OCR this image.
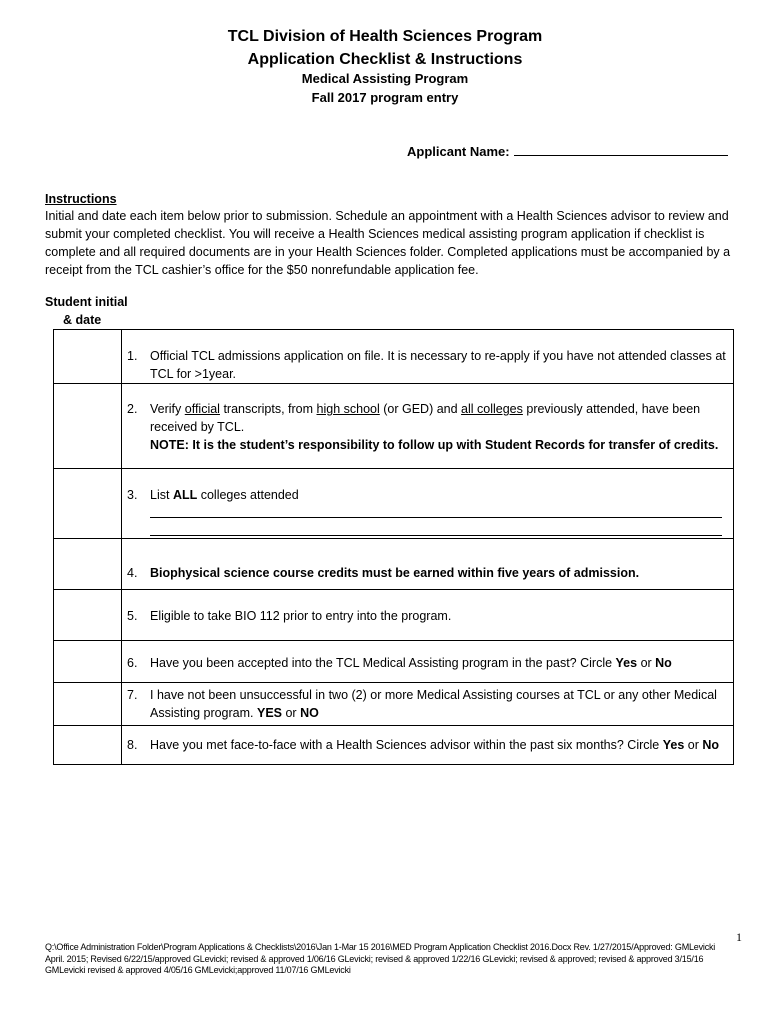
TCL Division of Health Sciences Program
Application Checklist & Instructions
Medical Assisting Program
Fall 2017 program entry
Applicant Name:
Instructions
Initial and date each item below prior to submission. Schedule an appointment with a Health Sciences advisor to review and submit your completed checklist. You will receive a Health Sciences medical assisting program application if checklist is complete and all required documents are in your Health Sciences folder. Completed applications must be accompanied by a receipt from the TCL cashier’s office for the $50 nonrefundable application fee.
Student initial
& date
1. Official TCL admissions application on file. It is necessary to re-apply if you have not attended classes at TCL for >1year.
2. Verify official transcripts, from high school (or GED) and all colleges previously attended, have been received by TCL.
NOTE: It is the student’s responsibility to follow up with Student Records for transfer of credits.
3. List ALL colleges attended
4. Biophysical science course credits must be earned within five years of admission.
5. Eligible to take BIO 112 prior to entry into the program.
6. Have you been accepted into the TCL Medical Assisting program in the past? Circle Yes or No
7. I have not been unsuccessful in two (2) or more Medical Assisting courses at TCL or any other Medical Assisting program. YES or NO
8. Have you met face-to-face with a Health Sciences advisor within the past six months? Circle Yes or No
1
Q:\Office Administration Folder\Program Applications & Checklists\2016\Jan 1-Mar 15 2016\MED Program Application Checklist 2016.Docx Rev. 1/27/2015/Approved: GMLevicki April. 2015; Revised 6/22/15/approved GLevicki; revised & approved 1/06/16 GLevicki; revised & approved 1/22/16 GLevicki; revised & approved; revised & approved 3/15/16 GMLevicki revised & approved 4/05/16 GMLevicki;approved 11/07/16 GMLevicki
